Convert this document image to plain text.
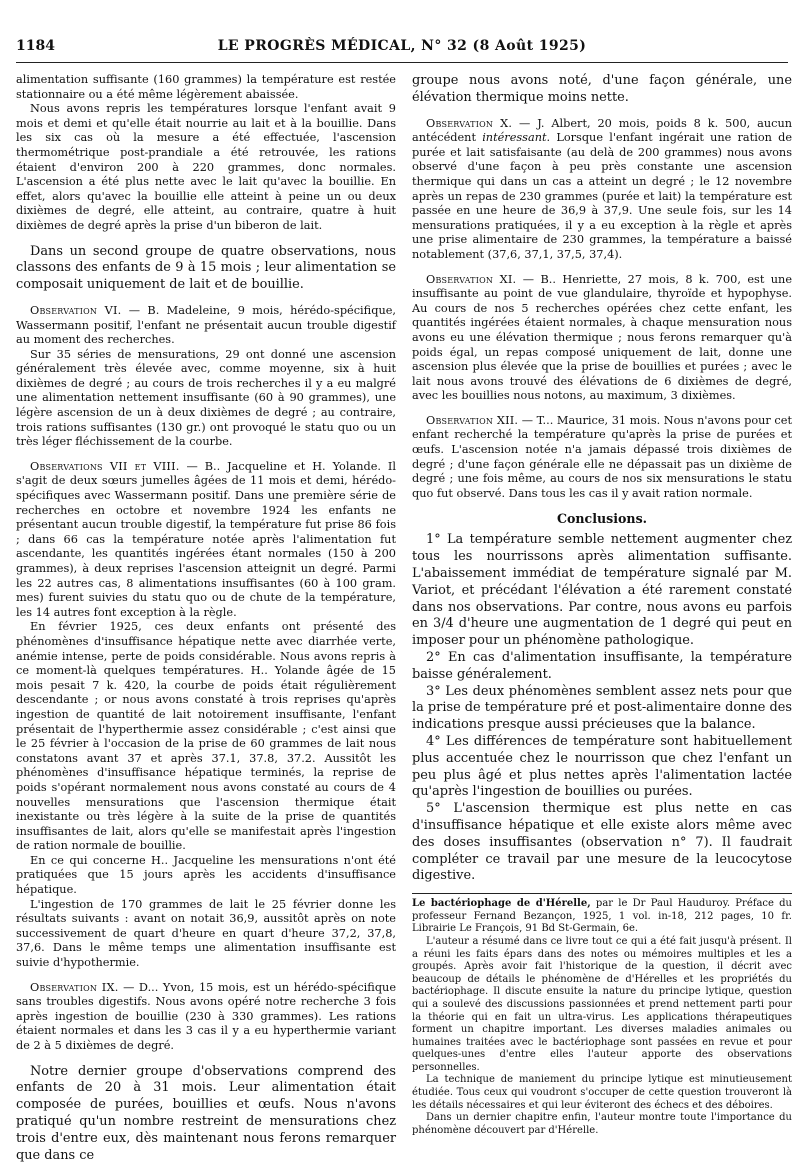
1184	LE PROGRÈS MÉDICAL, N° 32 (8 Août 1925)

alimentation suffisante (160 grammes) la température est restée stationnaire ou a été même légèrement abaissée.

Nous avons repris les températures lorsque l'enfant avait 9 mois et demi et qu'elle était nourrie au lait et à la bouillie. Dans les six cas où la mesure a été effectuée, l'ascension thermométrique post-prandiale a été retrouvée, les rations étaient d'environ 200 à 220 grammes, donc normales. L'ascension a été plus nette avec le lait qu'avec la bouillie. En effet, alors qu'avec la bouillie elle atteint à peine un ou deux dixièmes de degré, elle atteint, au contraire, quatre à huit dixièmes de degré après la prise d'un biberon de lait.

Dans un second groupe de quatre observations, nous classons des enfants de 9 à 15 mois ; leur alimentation se composait uniquement de lait et de bouillie.

Observation VI. — B. Madeleine, 9 mois, hérédo-spécifique, Wassermann positif, l'enfant ne présentait aucun trouble digestif au moment des recherches.

Sur 35 séries de mensurations, 29 ont donné une ascension généralement très élevée avec, comme moyenne, six à huit dixièmes de degré ; au cours de trois recherches il y a eu malgré une alimentation nettement insuffisante (60 à 90 grammes), une légère ascension de un à deux dixièmes de degré ; au contraire, trois rations suffisantes (130 gr.) ont provoqué le statu quo ou un très léger fléchissement de la courbe.

Observations VII et VIII. — B.. Jacqueline et H. Yolande. Il s'agit de deux sœurs jumelles âgées de 11 mois et demi, hérédo-spécifiques avec Wassermann positif. Dans une première série de recherches en octobre et novembre 1924 les enfants ne présentant aucun trouble digestif, la température fut prise 86 fois ; dans 66 cas la température notée après l'alimentation fut ascendante, les quantités ingérées étant normales (150 à 200 grammes), à deux reprises l'ascension atteignit un degré. Parmi les 22 autres cas, 8 alimentations insuffisantes (60 à 100 gram. mes) furent suivies du statu quo ou de chute de la température, les 14 autres font exception à la règle.

En février 1925, ces deux enfants ont présenté des phénomènes d'insuffisance hépatique nette avec diarrhée verte, anémie intense, perte de poids considérable. Nous avons repris à ce moment-là quelques températures. H.. Yolande âgée de 15 mois pesait 7 k. 420, la courbe de poids était régulièrement descendante ; or nous avons constaté à trois reprises qu'après ingestion de quantité de lait notoirement insuffisante, l'enfant présentait de l'hyperthermie assez considérable ; c'est ainsi que le 25 février à l'occasion de la prise de 60 grammes de lait nous constatons avant 37 et après 37.1, 37.8, 37.2. Aussitôt les phénomènes d'insuffisance hépatique terminés, la reprise de poids s'opérant normalement nous avons constaté au cours de 4 nouvelles mensurations que l'ascension thermique était inexistante ou très légère à la suite de la prise de quantités insuffisantes de lait, alors qu'elle se manifestait après l'ingestion de ration normale de bouillie.

En ce qui concerne H.. Jacqueline les mensurations n'ont été pratiquées que 15 jours après les accidents d'insuffisance hépatique.

L'ingestion de 170 grammes de lait le 25 février donne les résultats suivants : avant on notait 36,9, aussitôt après on note successivement de quart d'heure en quart d'heure 37,2, 37,8, 37,6. Dans le même temps une alimentation insuffisante est suivie d'hypothermie.

Observation IX. — D... Yvon, 15 mois, est un hérédo-spécifique sans troubles digestifs. Nous avons opéré notre recherche 3 fois après ingestion de bouillie (230 à 330 grammes). Les rations étaient normales et dans les 3 cas il y a eu hyperthermie variant de 2 à 5 dixièmes de degré.

Notre dernier groupe d'observations comprend des enfants de 20 à 31 mois. Leur alimentation était composée de purées, bouillies et œufs. Nous n'avons pratiqué qu'un nombre restreint de mensurations chez trois d'entre eux, dès maintenant nous ferons remarquer que dans ce

groupe nous avons noté, d'une façon générale, une élévation thermique moins nette.

Observation X. — J. Albert, 20 mois, poids 8 k. 500, aucun antécédent intéressant. Lorsque l'enfant ingérait une ration de purée et lait satisfaisante (au delà de 200 grammes) nous avons observé d'une façon à peu près constante une ascension thermique qui dans un cas a atteint un degré ; le 12 novembre après un repas de 230 grammes (purée et lait) la température est passée en une heure de 36,9 à 37,9. Une seule fois, sur les 14 mensurations pratiquées, il y a eu exception à la règle et après une prise alimentaire de 230 grammes, la température a baissé notablement (37,6, 37,1, 37,5, 37,4).

Observation XI. — B.. Henriette, 27 mois, 8 k. 700, est une insuffisante au point de vue glandulaire, thyroïde et hypophyse. Au cours de nos 5 recherches opérées chez cette enfant, les quantités ingérées étaient normales, à chaque mensuration nous avons eu une élévation thermique ; nous ferons remarquer qu'à poids égal, un repas composé uniquement de lait, donne une ascension plus élevée que la prise de bouillies et purées ; avec le lait nous avons trouvé des élévations de 6 dixièmes de degré, avec les bouillies nous notons, au maximum, 3 dixièmes.

Observation XII. — T... Maurice, 31 mois. Nous n'avons pour cet enfant recherché la température qu'après la prise de purées et œufs. L'ascension notée n'a jamais dépassé trois dixièmes de degré ; d'une façon générale elle ne dépassait pas un dixième de degré ; une fois même, au cours de nos six mensurations le statu quo fut observé. Dans tous les cas il y avait ration normale.

Conclusions.

1° La température semble nettement augmenter chez tous les nourrissons après alimentation suffisante. L'abaissement immédiat de température signalé par M. Variot, et précédant l'élévation a été rarement constaté dans nos observations. Par contre, nous avons eu parfois en 3/4 d'heure une augmentation de 1 degré qui peut en imposer pour un phénomène pathologique.

2° En cas d'alimentation insuffisante, la température baisse généralement.

3° Les deux phénomènes semblent assez nets pour que la prise de température pré et post-alimentaire donne des indications presque aussi précieuses que la balance.

4° Les différences de température sont habituellement plus accentuée chez le nourrisson que chez l'enfant un peu plus âgé et plus nettes après l'alimentation lactée qu'après l'ingestion de bouillies ou purées.

5° L'ascension thermique est plus nette en cas d'insuffisance hépatique et elle existe alors même avec des doses insuffisantes (observation n° 7). Il faudrait compléter ce travail par une mesure de la leucocytose digestive.

Le bactériophage de d'Hérelle, par le Dr Paul Hauduroy. Préface du professeur Fernand Bezançon, 1925, 1 vol. in-18, 212 pages, 10 fr. Librairie Le François, 91 Bd St-Germain, 6e.

L'auteur a résumé dans ce livre tout ce qui a été fait jusqu'à présent. Il a réuni les faits épars dans des notes ou mémoires multiples et les a groupés. Après avoir fait l'historique de la question, il décrit avec beaucoup de détails le phénomène de d'Hérelles et les propriétés du bactériophage. Il discute ensuite la nature du principe lytique, question qui a soulevé des discussions passionnées et prend nettement parti pour la théorie qui en fait un ultra-virus. Les applications thérapeutiques forment un chapitre important. Les diverses maladies animales ou humaines traitées avec le bactériophage sont passées en revue et pour quelques-unes d'entre elles l'auteur apporte des observations personnelles.

La technique de maniement du principe lytique est minutieusement étudiée. Tous ceux qui voudront s'occuper de cette question trouveront là les détails nécessaires et qui leur éviteront des échecs et des déboires.

Dans un dernier chapitre enfin, l'auteur montre toute l'importance du phénomène découvert par d'Hérelle.
